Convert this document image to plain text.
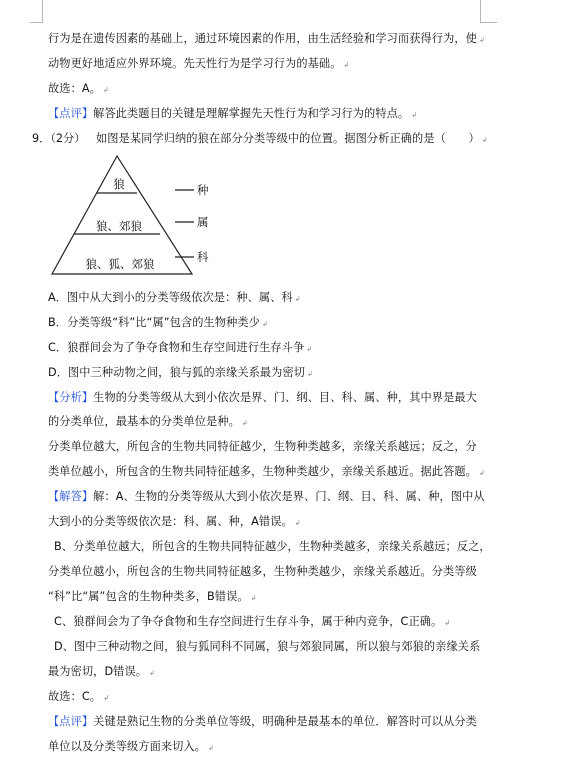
行为是在遗传因素的基础上，通过环境因素的作用，由生活经验和学习而获得行为，使 ↲
动物更好地适应外界环境。先天性行为是学习行为的基础。 ↲
故选：A。 ↲
【点评】解答此类题目的关键是理解掌握先天性行为和学习行为的特点。 ↲
9．（2分） 如图是某同学归纳的狼在部分分类等级中的位置。据图分析正确的是（　　） ↲
狼
狼、郊狼
狼、狐、郊狼
种
属
科
A．图中从大到小的分类等级依次是：种、属、科 ↲
B．分类等级“科”比“属”包含的生物种类少 ↲
C．狼群间会为了争夺食物和生存空间进行生存斗争 ↲
D．图中三种动物之间，狼与狐的亲缘关系最为密切 ↲
【分析】生物的分类等级从大到小依次是界、门、纲、目、科、属、种，其中界是最大
的分类单位，最基本的分类单位是种。 ↲
分类单位越大，所包含的生物共同特征越少，生物种类越多，亲缘关系越远；反之，分
类单位越小，所包含的生物共同特征越多，生物种类越少，亲缘关系越近。据此答题。 ↲
【解答】解：A、生物的分类等级从大到小依次是界、门、纲、目、科、属、种，图中从
大到小的分类等级依次是：科、属、种，A错误。 ↲
B、分类单位越大，所包含的生物共同特征越少，生物种类越多，亲缘关系越远；反之，
分类单位越小，所包含的生物共同特征越多，生物种类越少，亲缘关系越近。分类等级
“科”比“属”包含的生物种类多，B错误。 ↲
C、狼群间会为了争夺食物和生存空间进行生存斗争，属于种内竞争，C正确。 ↲
D、图中三种动物之间，狼与狐同科不同属，狼与郊狼同属，所以狼与郊狼的亲缘关系
最为密切，D错误。 ↲
故选：C。 ↲
【点评】关键是熟记生物的分类单位等级，明确种是最基本的单位．解答时可以从分类
单位以及分类等级方面来切入。 ↲
